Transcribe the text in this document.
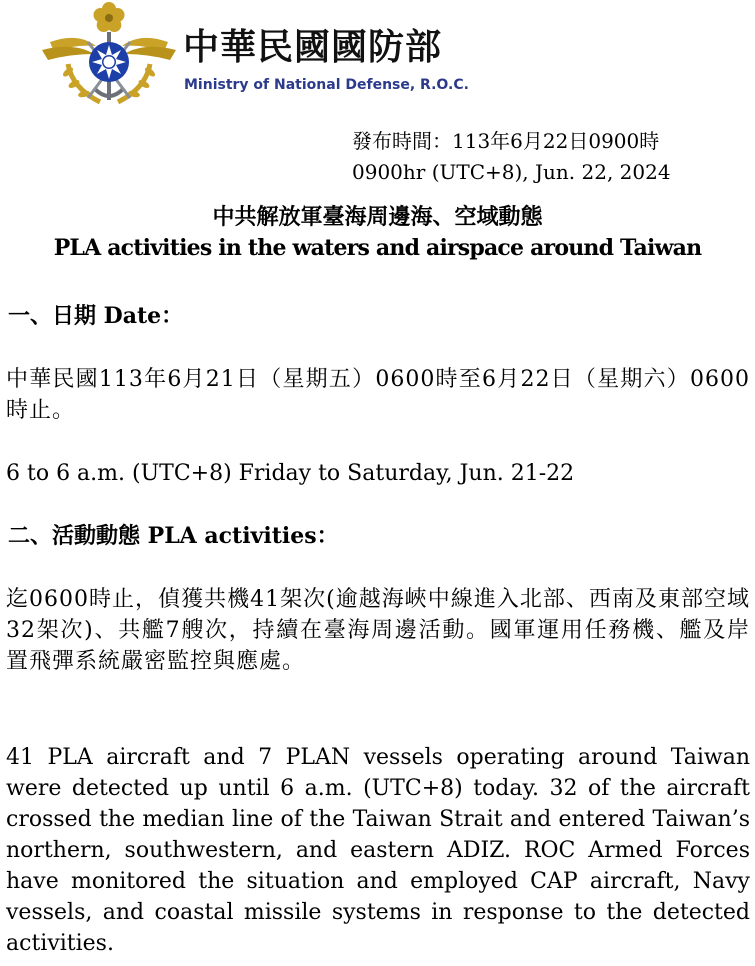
中華民國國防部
Ministry of National Defense, R.O.C.
發布時間：113年6月22日0900時
0900hr (UTC+8), Jun. 22, 2024
中共解放軍臺海周邊海、空域動態
PLA activities in the waters and airspace around Taiwan
一、日期 Date：
中華民國113年6月21日（星期五）0600時至6月22日（星期六）0600時止。
6 to 6 a.m. (UTC+8) Friday to Saturday, Jun. 21-22
二、活動動態 PLA activities：
迄0600時止，偵獲共機41架次(逾越海峽中線進入北部、西南及東部空域32架次)、共艦7艘次，持續在臺海周邊活動。國軍運用任務機、艦及岸置飛彈系統嚴密監控與應處。
41 PLA aircraft and 7 PLAN vessels operating around Taiwan were detected up until 6 a.m. (UTC+8) today. 32 of the aircraft crossed the median line of the Taiwan Strait and entered Taiwan’s northern, southwestern, and eastern ADIZ. ROC Armed Forces have monitored the situation and employed CAP aircraft, Navy vessels, and coastal missile systems in response to the detected activities.
